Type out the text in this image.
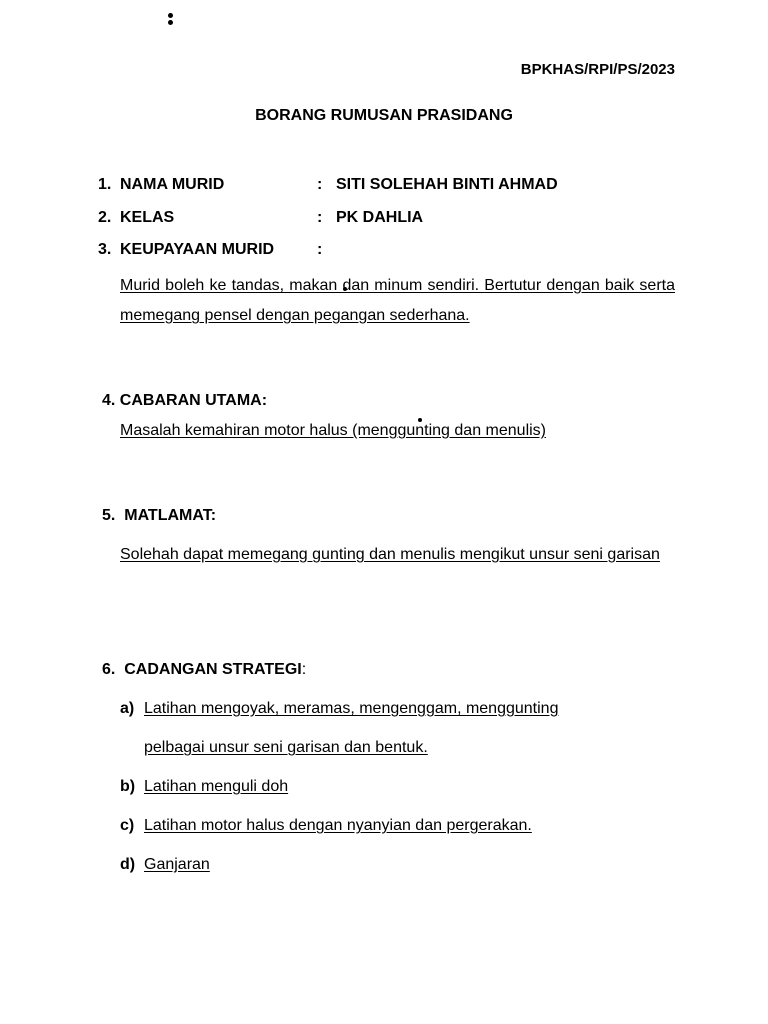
BPKHAS/RPI/PS/2023
BORANG RUMUSAN PRASIDANG
1. NAMA MURID	: SITI SOLEHAH BINTI AHMAD
2. KELAS	: PK DAHLIA
3. KEUPAYAAN MURID	:
Murid boleh ke tandas, makan dan minum sendiri. Bertutur dengan baik serta memegang pensel dengan pegangan sederhana.
4. CABARAN UTAMA:
Masalah kemahiran motor halus (menggunting dan menulis)
5.  MATLAMAT:
Solehah dapat memegang gunting dan menulis mengikut unsur seni garisan
6.  CADANGAN STRATEGI:
a) Latihan mengoyak, meramas, mengenggam, menggunting
pelbagai unsur seni garisan dan bentuk.
b) Latihan menguli doh
c) Latihan motor halus dengan nyanyian dan pergerakan.
d) Ganjaran
